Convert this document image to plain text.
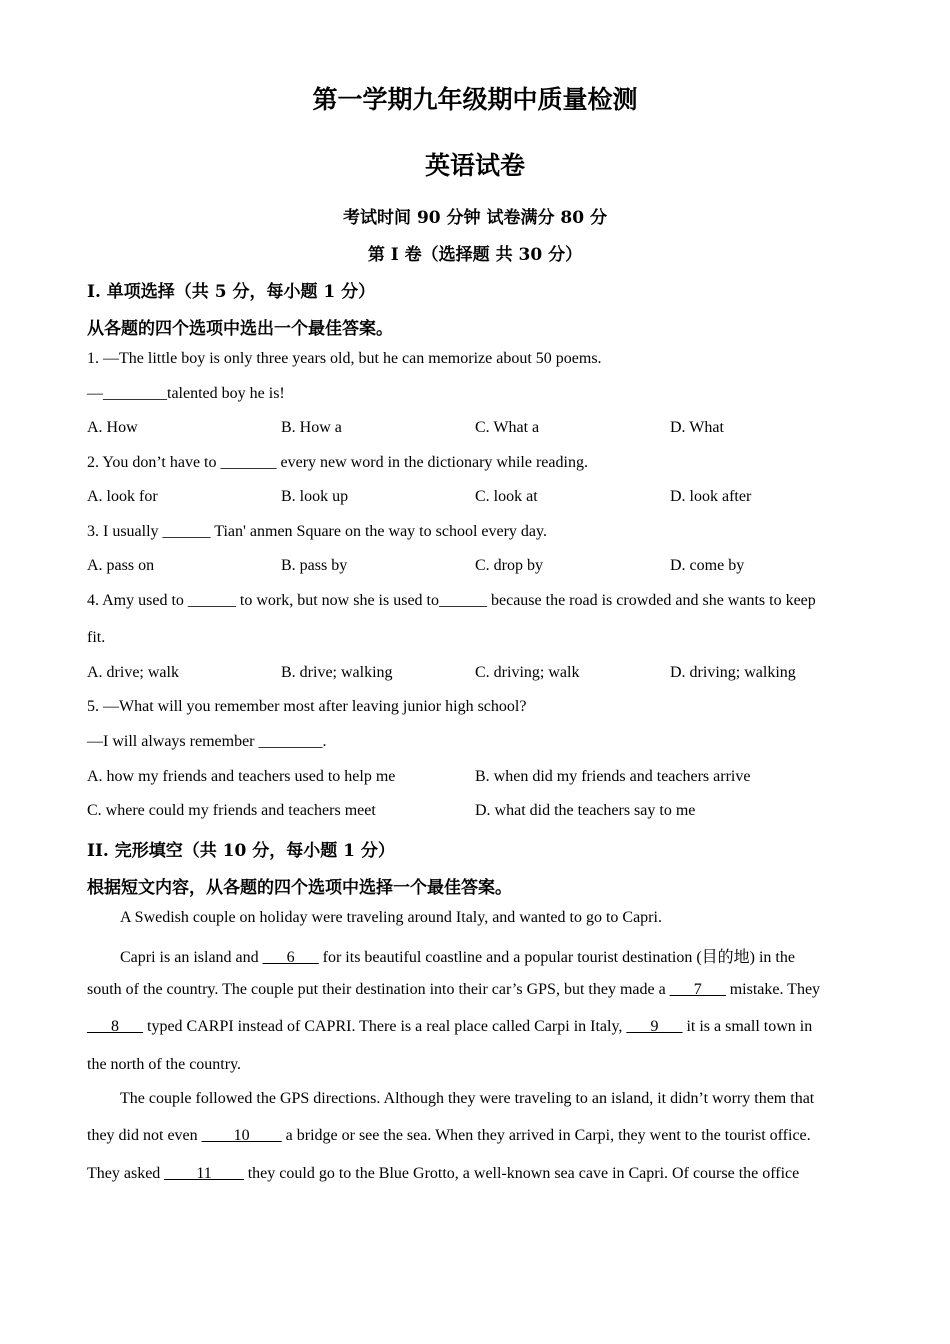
第一学期九年级期中质量检测
英语试卷
考试时间 90 分钟 试卷满分 80 分
第 I 卷（选择题 共 30 分）
I. 单项选择（共 5 分，每小题 1 分）
从各题的四个选项中选出一个最佳答案。
1. —The little boy is only three years old, but he can memorize about 50 poems.
—________talented boy he is!
A. How	B. How a	C. What a	D. What
2. You don’t have to _______ every new word in the dictionary while reading.
A. look for	B. look up	C. look at	D. look after
3. I usually ______ Tian' anmen Square on the way to school every day.
A. pass on	B. pass by	C. drop by	D. come by
4. Amy used to ______ to work, but now she is used to______ because the road is crowded and she wants to keep
fit.
A. drive; walk	B. drive; walking	C. driving; walk	D. driving; walking
5. —What will you remember most after leaving junior high school?
—I will always remember ________.
A. how my friends and teachers used to help me	B. when did my friends and teachers arrive
C. where could my friends and teachers meet	D. what did the teachers say to me
II. 完形填空（共 10 分，每小题 1 分）
根据短文内容，从各题的四个选项中选择一个最佳答案。
A Swedish couple on holiday were traveling around Italy, and wanted to go to Capri.
Capri is an island and ___6___ for its beautiful coastline and a popular tourist destination (目的地) in the
south of the country. The couple put their destination into their car’s GPS, but they made a ___7___ mistake. They
___8___ typed CARPI instead of CAPRI. There is a real place called Carpi in Italy, ___9___ it is a small town in
the north of the country.
The couple followed the GPS directions. Although they were traveling to an island, it didn’t worry them that
they did not even ____10____ a bridge or see the sea. When they arrived in Carpi, they went to the tourist office.
They asked ____11____ they could go to the Blue Grotto, a well-known sea cave in Capri. Of course the office
